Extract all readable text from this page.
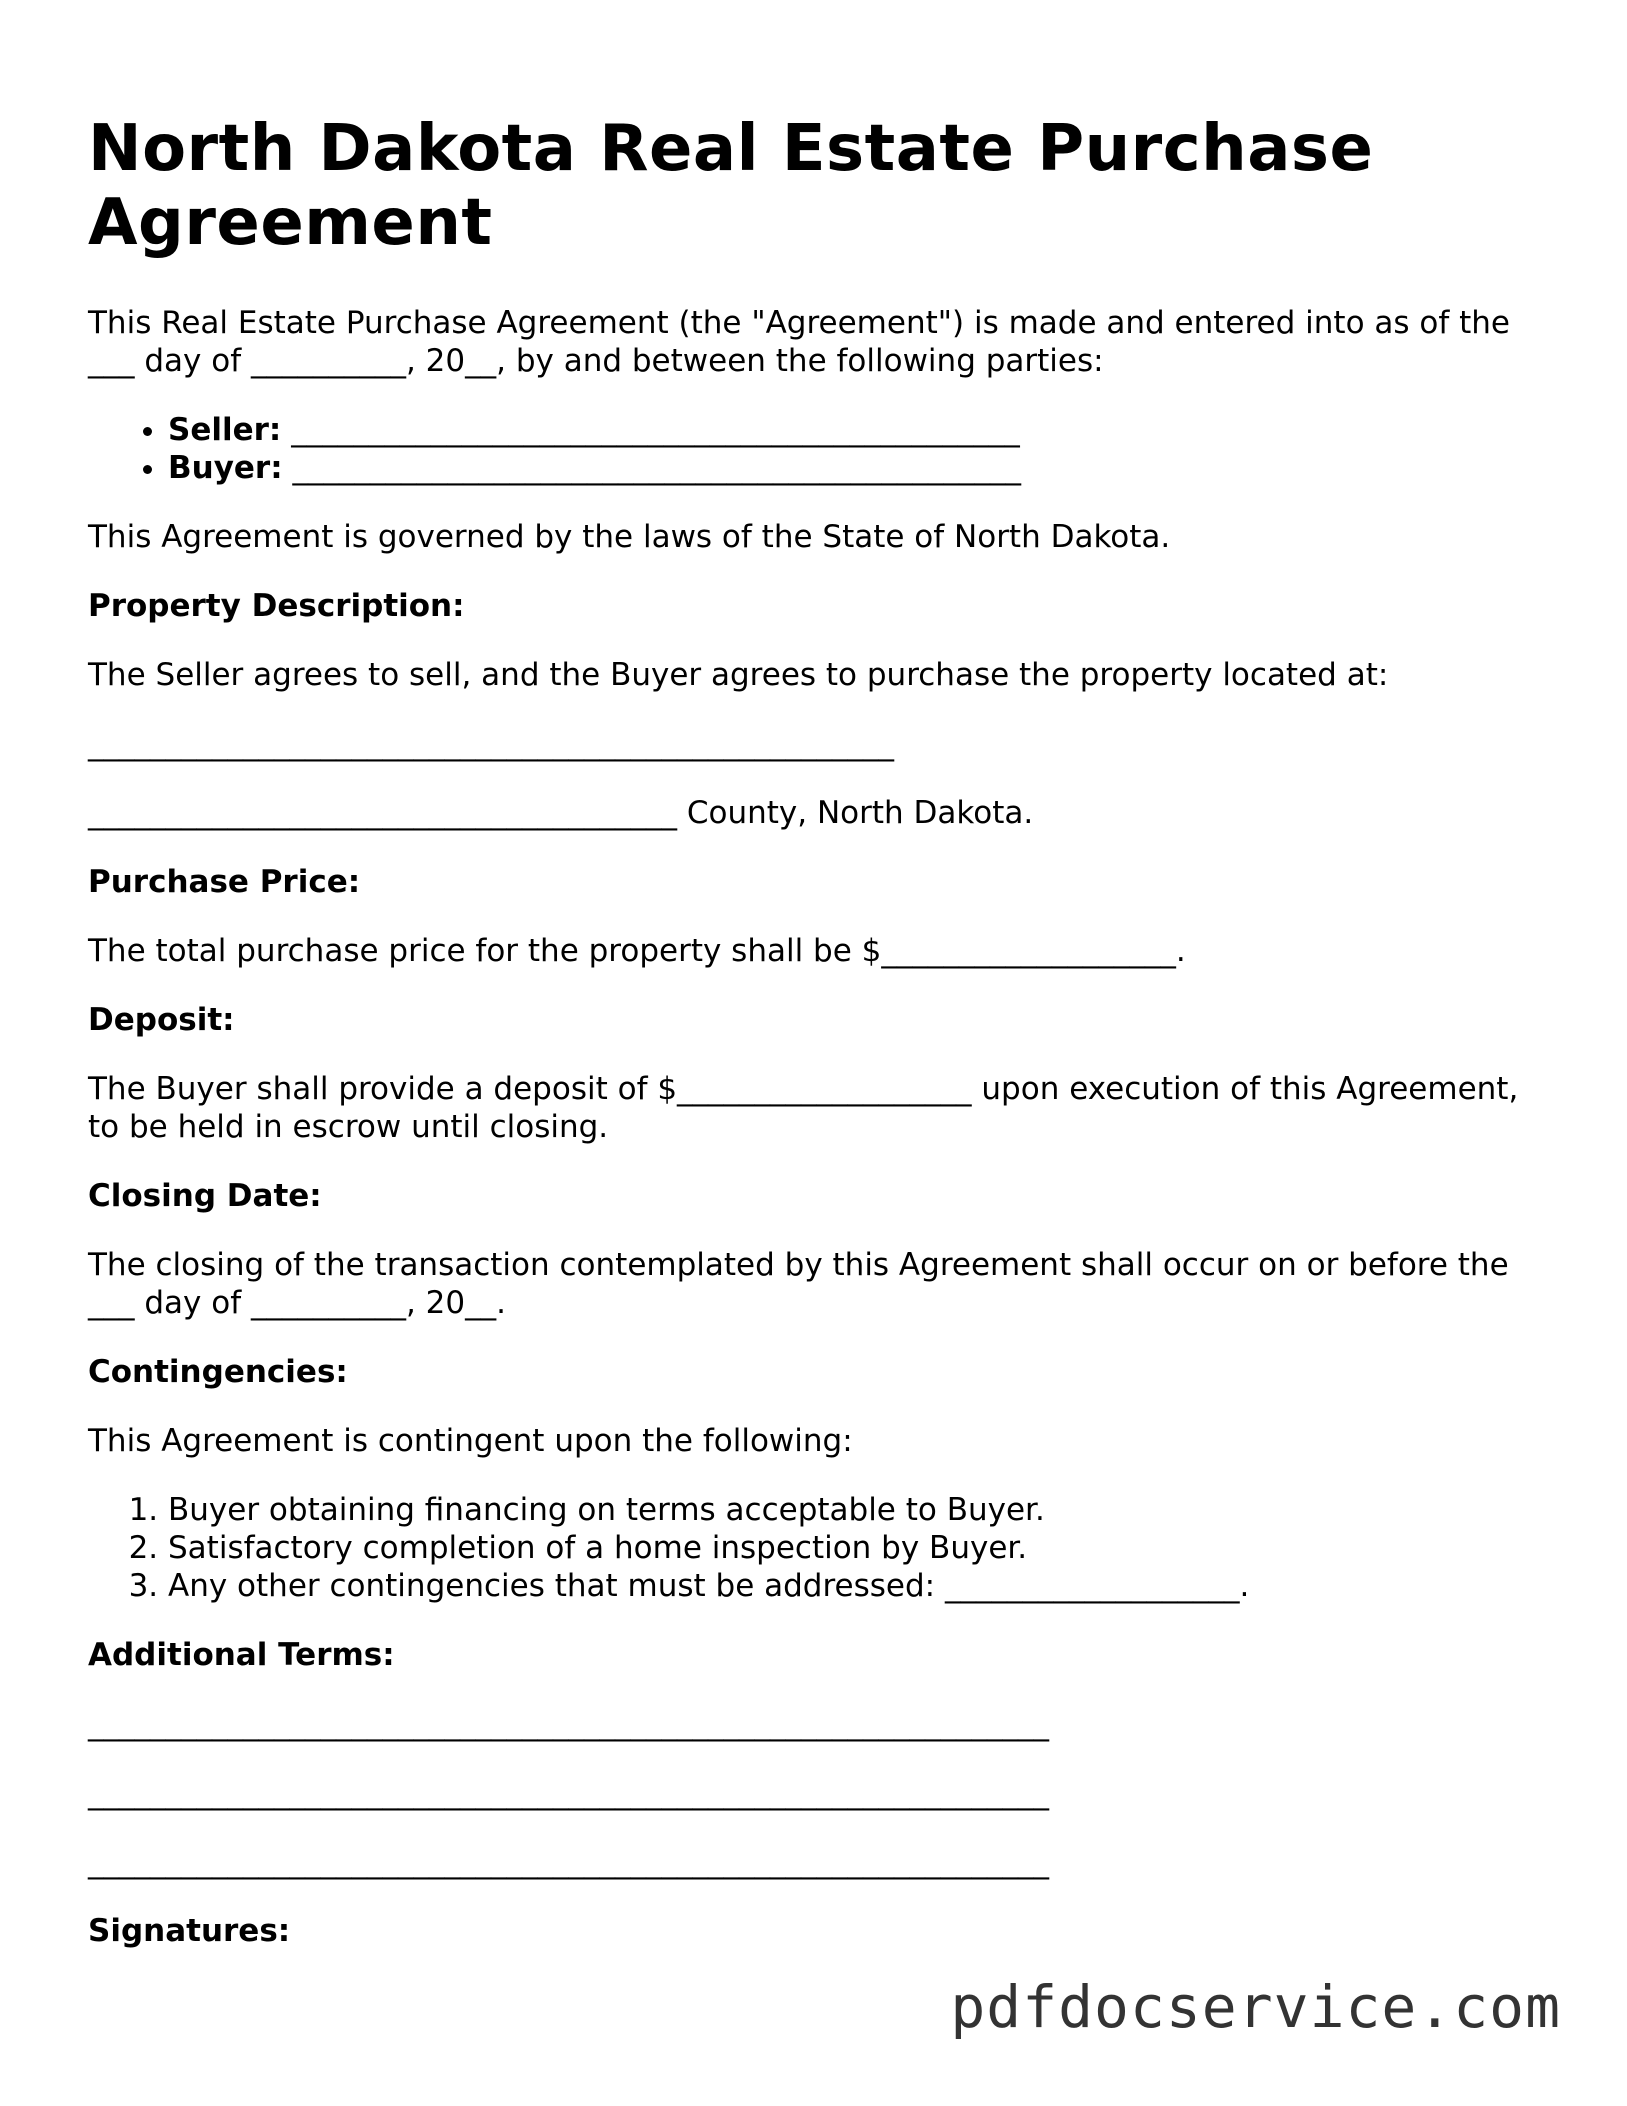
North Dakota Real Estate Purchase Agreement

This Real Estate Purchase Agreement (the "Agreement") is made and entered into as of the ___ day of __________, 20__, by and between the following parties:

• Seller: _______________________________________________
• Buyer: _______________________________________________

This Agreement is governed by the laws of the State of North Dakota.

Property Description:

The Seller agrees to sell, and the Buyer agrees to purchase the property located at:

____________________________________________________
______________________________________ County, North Dakota.

Purchase Price:

The total purchase price for the property shall be $___________________.

Deposit:

The Buyer shall provide a deposit of $___________________ upon execution of this Agreement, to be held in escrow until closing.

Closing Date:

The closing of the transaction contemplated by this Agreement shall occur on or before the ___ day of __________, 20__.

Contingencies:

This Agreement is contingent upon the following:

1. Buyer obtaining financing on terms acceptable to Buyer.
2. Satisfactory completion of a home inspection by Buyer.
3. Any other contingencies that must be addressed: ___________________.

Additional Terms:

______________________________________________________________
______________________________________________________________
______________________________________________________________

Signatures:

pdfdocservice.com
